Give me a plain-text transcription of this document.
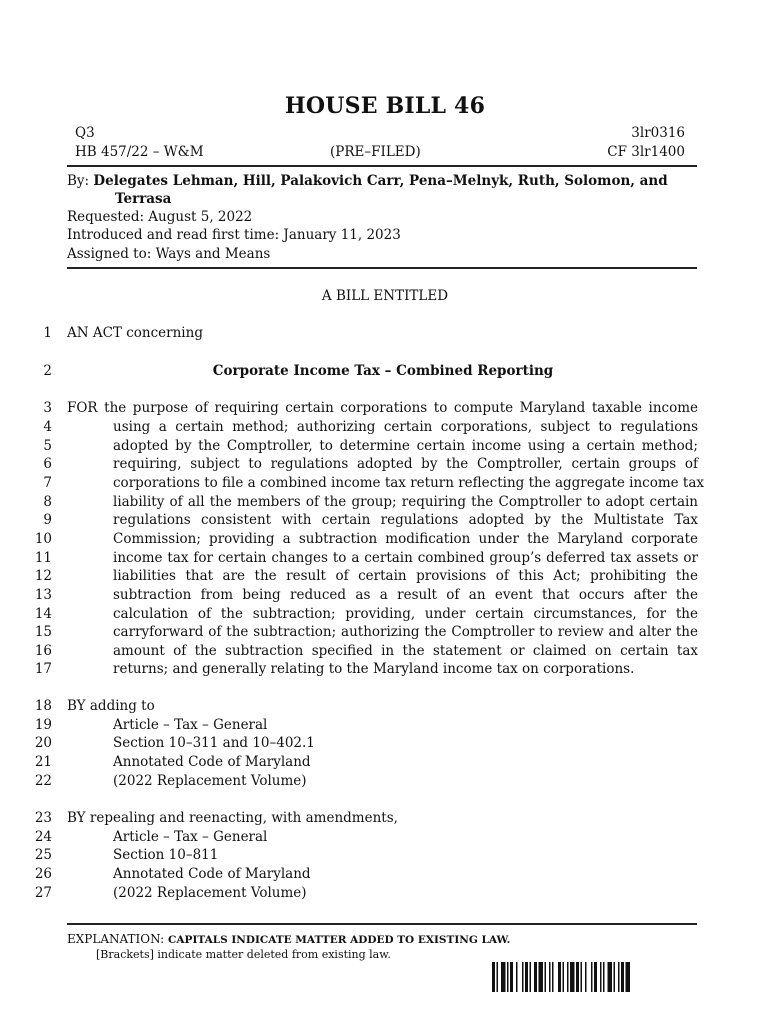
HOUSE BILL 46
Q3	3lr0316
HB 457/22 – W&M	(PRE–FILED)	CF 3lr1400
By: Delegates Lehman, Hill, Palakovich Carr, Pena–Melnyk, Ruth, Solomon, and
Terrasa
Requested: August 5, 2022
Introduced and read first time: January 11, 2023
Assigned to: Ways and Means
A BILL ENTITLED
1
2
3
4
5
6
7
8
9
10
11
12
13
14
15
16
17
18
19
20
21
22
23
24
25
26
27
AN ACT concerning
Corporate Income Tax – Combined Reporting
FOR the purpose of requiring certain corporations to compute Maryland taxable income
using a certain method; authorizing certain corporations, subject to regulations
adopted by the Comptroller, to determine certain income using a certain method;
requiring, subject to regulations adopted by the Comptroller, certain groups of
corporations to file a combined income tax return reflecting the aggregate income tax
liability of all the members of the group; requiring the Comptroller to adopt certain
regulations consistent with certain regulations adopted by the Multistate Tax
Commission; providing a subtraction modification under the Maryland corporate
income tax for certain changes to a certain combined group’s deferred tax assets or
liabilities that are the result of certain provisions of this Act; prohibiting the
subtraction from being reduced as a result of an event that occurs after the
calculation of the subtraction; providing, under certain circumstances, for the
carryforward of the subtraction; authorizing the Comptroller to review and alter the
amount of the subtraction specified in the statement or claimed on certain tax
returns; and generally relating to the Maryland income tax on corporations.
BY adding to
Article – Tax – General
Section 10–311 and 10–402.1
Annotated Code of Maryland
(2022 Replacement Volume)
BY repealing and reenacting, with amendments,
Article – Tax – General
Section 10–811
Annotated Code of Maryland
(2022 Replacement Volume)
EXPLANATION: CAPITALS INDICATE MATTER ADDED TO EXISTING LAW.
[Brackets] indicate matter deleted from existing law.
